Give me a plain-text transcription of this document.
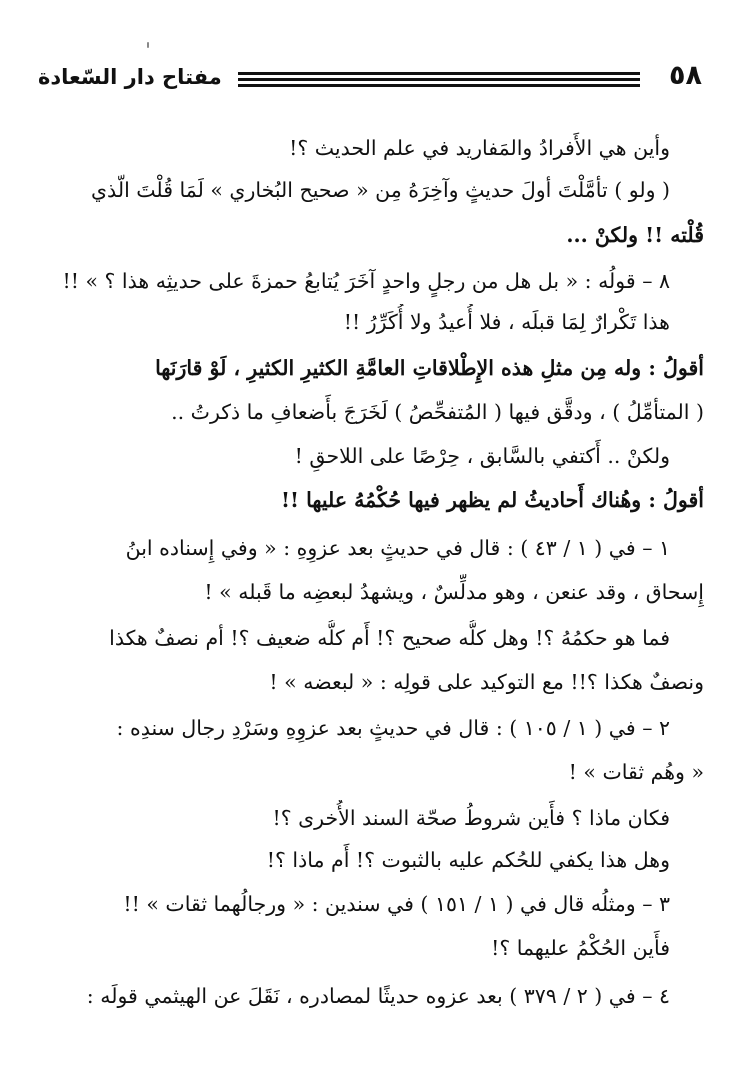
٥٨
مفتاح دار السّعادة
وأين هي الأَفرادُ والمَفاريد في علم الحديث ؟!
( ولو ) تأمَّلْتَ أولَ حديثٍ وآخِرَهُ مِن « صحيح البُخاري » لَمَا قُلْتَ الّذي
قُلْته !! ولكنْ ...
٨ – قولُه : « بل هل من رجلٍ واحدٍ آخَرَ يُتابعُ حمزةَ على حديثِه هذا ؟ » !!
هذا تَكْرارٌ لِمَا قبلَه ، فلا أُعيدُ ولا أُكَرِّرُ !!
أقولُ : وله مِن مثلِ هذه الإِطْلاقاتِ العامَّةِ الكثيرِ الكثيرِ ، لَوْ قارَنَها
( المتأمِّلُ ) ، ودقَّق فيها ( المُتفحِّصُ ) لَخَرَجَ بأَضعافِ ما ذكرتُ ..
ولكنْ .. أَكتفي بالسَّابق ، حِرْصًا على اللاحقِ !
أقولُ : وهُناك أَحاديثُ لم يظهر فيها حُكْمُهُ عليها !!
١ – في ( ١ / ٤٣ ) : قال في حديثٍ بعد عزوِهِ : « وفي إِسناده ابنُ
إِسحاق ، وقد عنعن ، وهو مدلِّسٌ ، ويشهدُ لبعضِه ما قَبله » !
فما هو حكمُهُ ؟! وهل كلُّه صحيح ؟! أَم كلُّه ضعيف ؟! أم نصفٌ هكذا
ونصفٌ هكذا ؟!! مع التوكيد على قولِه : « لبعضه » !
٢ – في ( ١ / ١٠٥ ) : قال في حديثٍ بعد عزوِهِ وسَرْدِ رجال سندِه :
« وهُم ثقات » !
فكان ماذا ؟ فأَين شروطُ صحّة السند الأُخرى ؟!
وهل هذا يكفي للحُكم عليه بالثبوت ؟! أَم ماذا ؟!
٣ – ومثلُه قال في ( ١ / ١٥١ ) في سندين : « ورجالُهما ثقات » !!
فأَين الحُكْمُ عليهما ؟!
٤ – في ( ٢ / ٣٧٩ ) بعد عزوه حديثًا لمصادره ، نَقَلَ عن الهيثمي قولَه :
